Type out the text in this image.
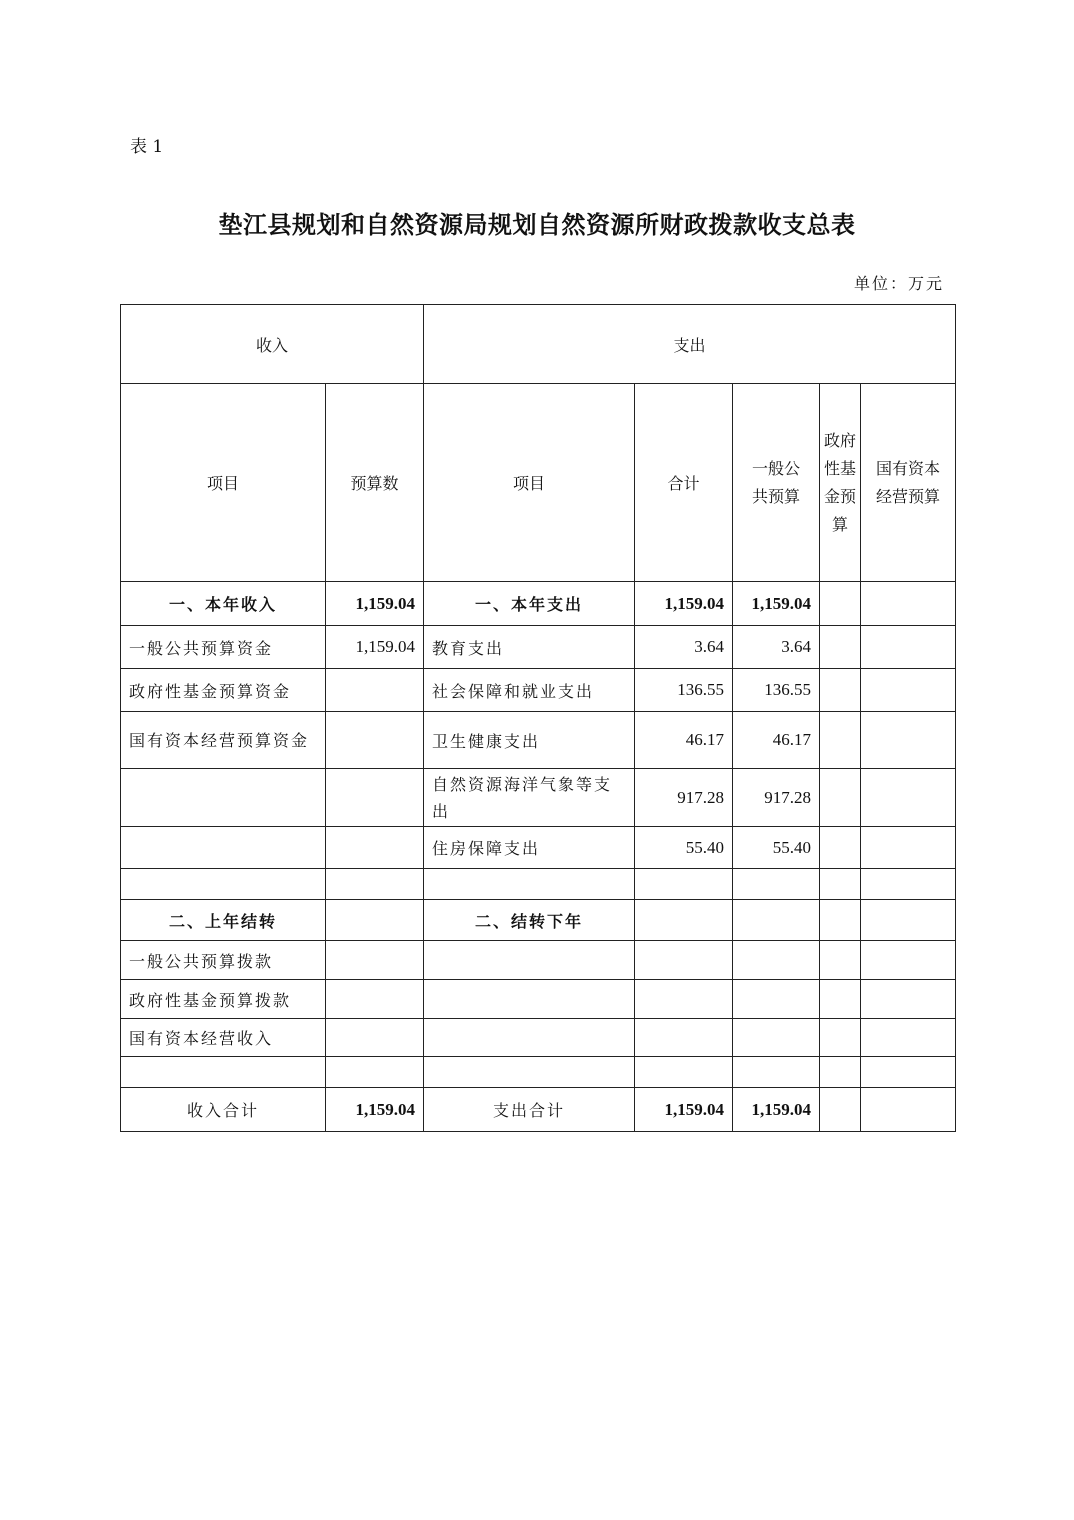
表 1
垫江县规划和自然资源局规划自然资源所财政拨款收支总表
单位：万元
收入		支出				
项目	预算数	项目	合计	一般公共预算	政府性基金预算	国有资本经营预算
一、本年收入	1,159.04	一、本年支出	1,159.04	1,159.04		
一般公共预算资金	1,159.04	教育支出	3.64	3.64		
政府性基金预算资金		社会保障和就业支出	136.55	136.55		
国有资本经营预算资金		卫生健康支出	46.17	46.17		
		自然资源海洋气象等支出	917.28	917.28		
		住房保障支出	55.40	55.40		

二、上年结转		二、结转下年				
一般公共预算拨款						
政府性基金预算拨款						
国有资本经营收入						

收入合计	1,159.04	支出合计	1,159.04	1,159.04		
